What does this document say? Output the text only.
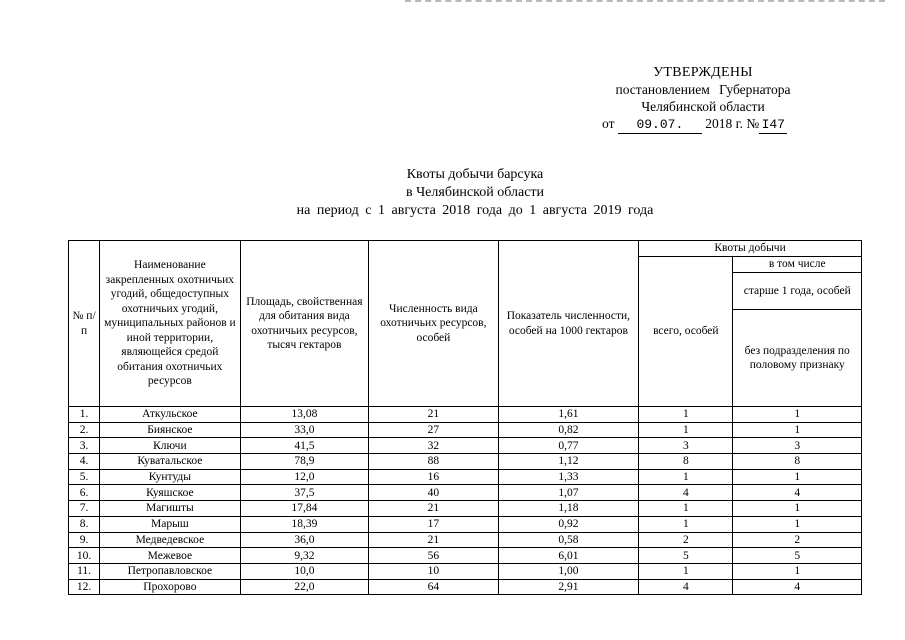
УТВЕРЖДЕНЫ
постановлением Губернатора
Челябинской области
от 09.07. 2018 г. № I47
Квоты добычи барсука
в Челябинской области
на период с 1 августа 2018 года до 1 августа 2019 года
№ п/п	Наименование закрепленных охотничьих угодий, общедоступных охотничьих угодий, муниципальных районов и иной территории, являющейся средой обитания охотничьих ресурсов	Площадь, свойственная для обитания вида охотничьих ресурсов, тысяч гектаров	Численность вида охотничьих ресурсов, особей	Показатель численности, особей на 1000 гектаров	Квоты добычи	
					всего, особей	в том числе
						старше 1 года, особей
						без подразделения по половому признаку
1.	Аткульское	13,08	21	1,61	1	1
2.	Биянское	33,0	27	0,82	1	1
3.	Ключи	41,5	32	0,77	3	3
4.	Куватальское	78,9	88	1,12	8	8
5.	Кунтуды	12,0	16	1,33	1	1
6.	Куяшское	37,5	40	1,07	4	4
7.	Магишты	17,84	21	1,18	1	1
8.	Марыш	18,39	17	0,92	1	1
9.	Медведевское	36,0	21	0,58	2	2
10.	Межевое	9,32	56	6,01	5	5
11.	Петропавловское	10,0	10	1,00	1	1
12.	Прохорово	22,0	64	2,91	4	4
